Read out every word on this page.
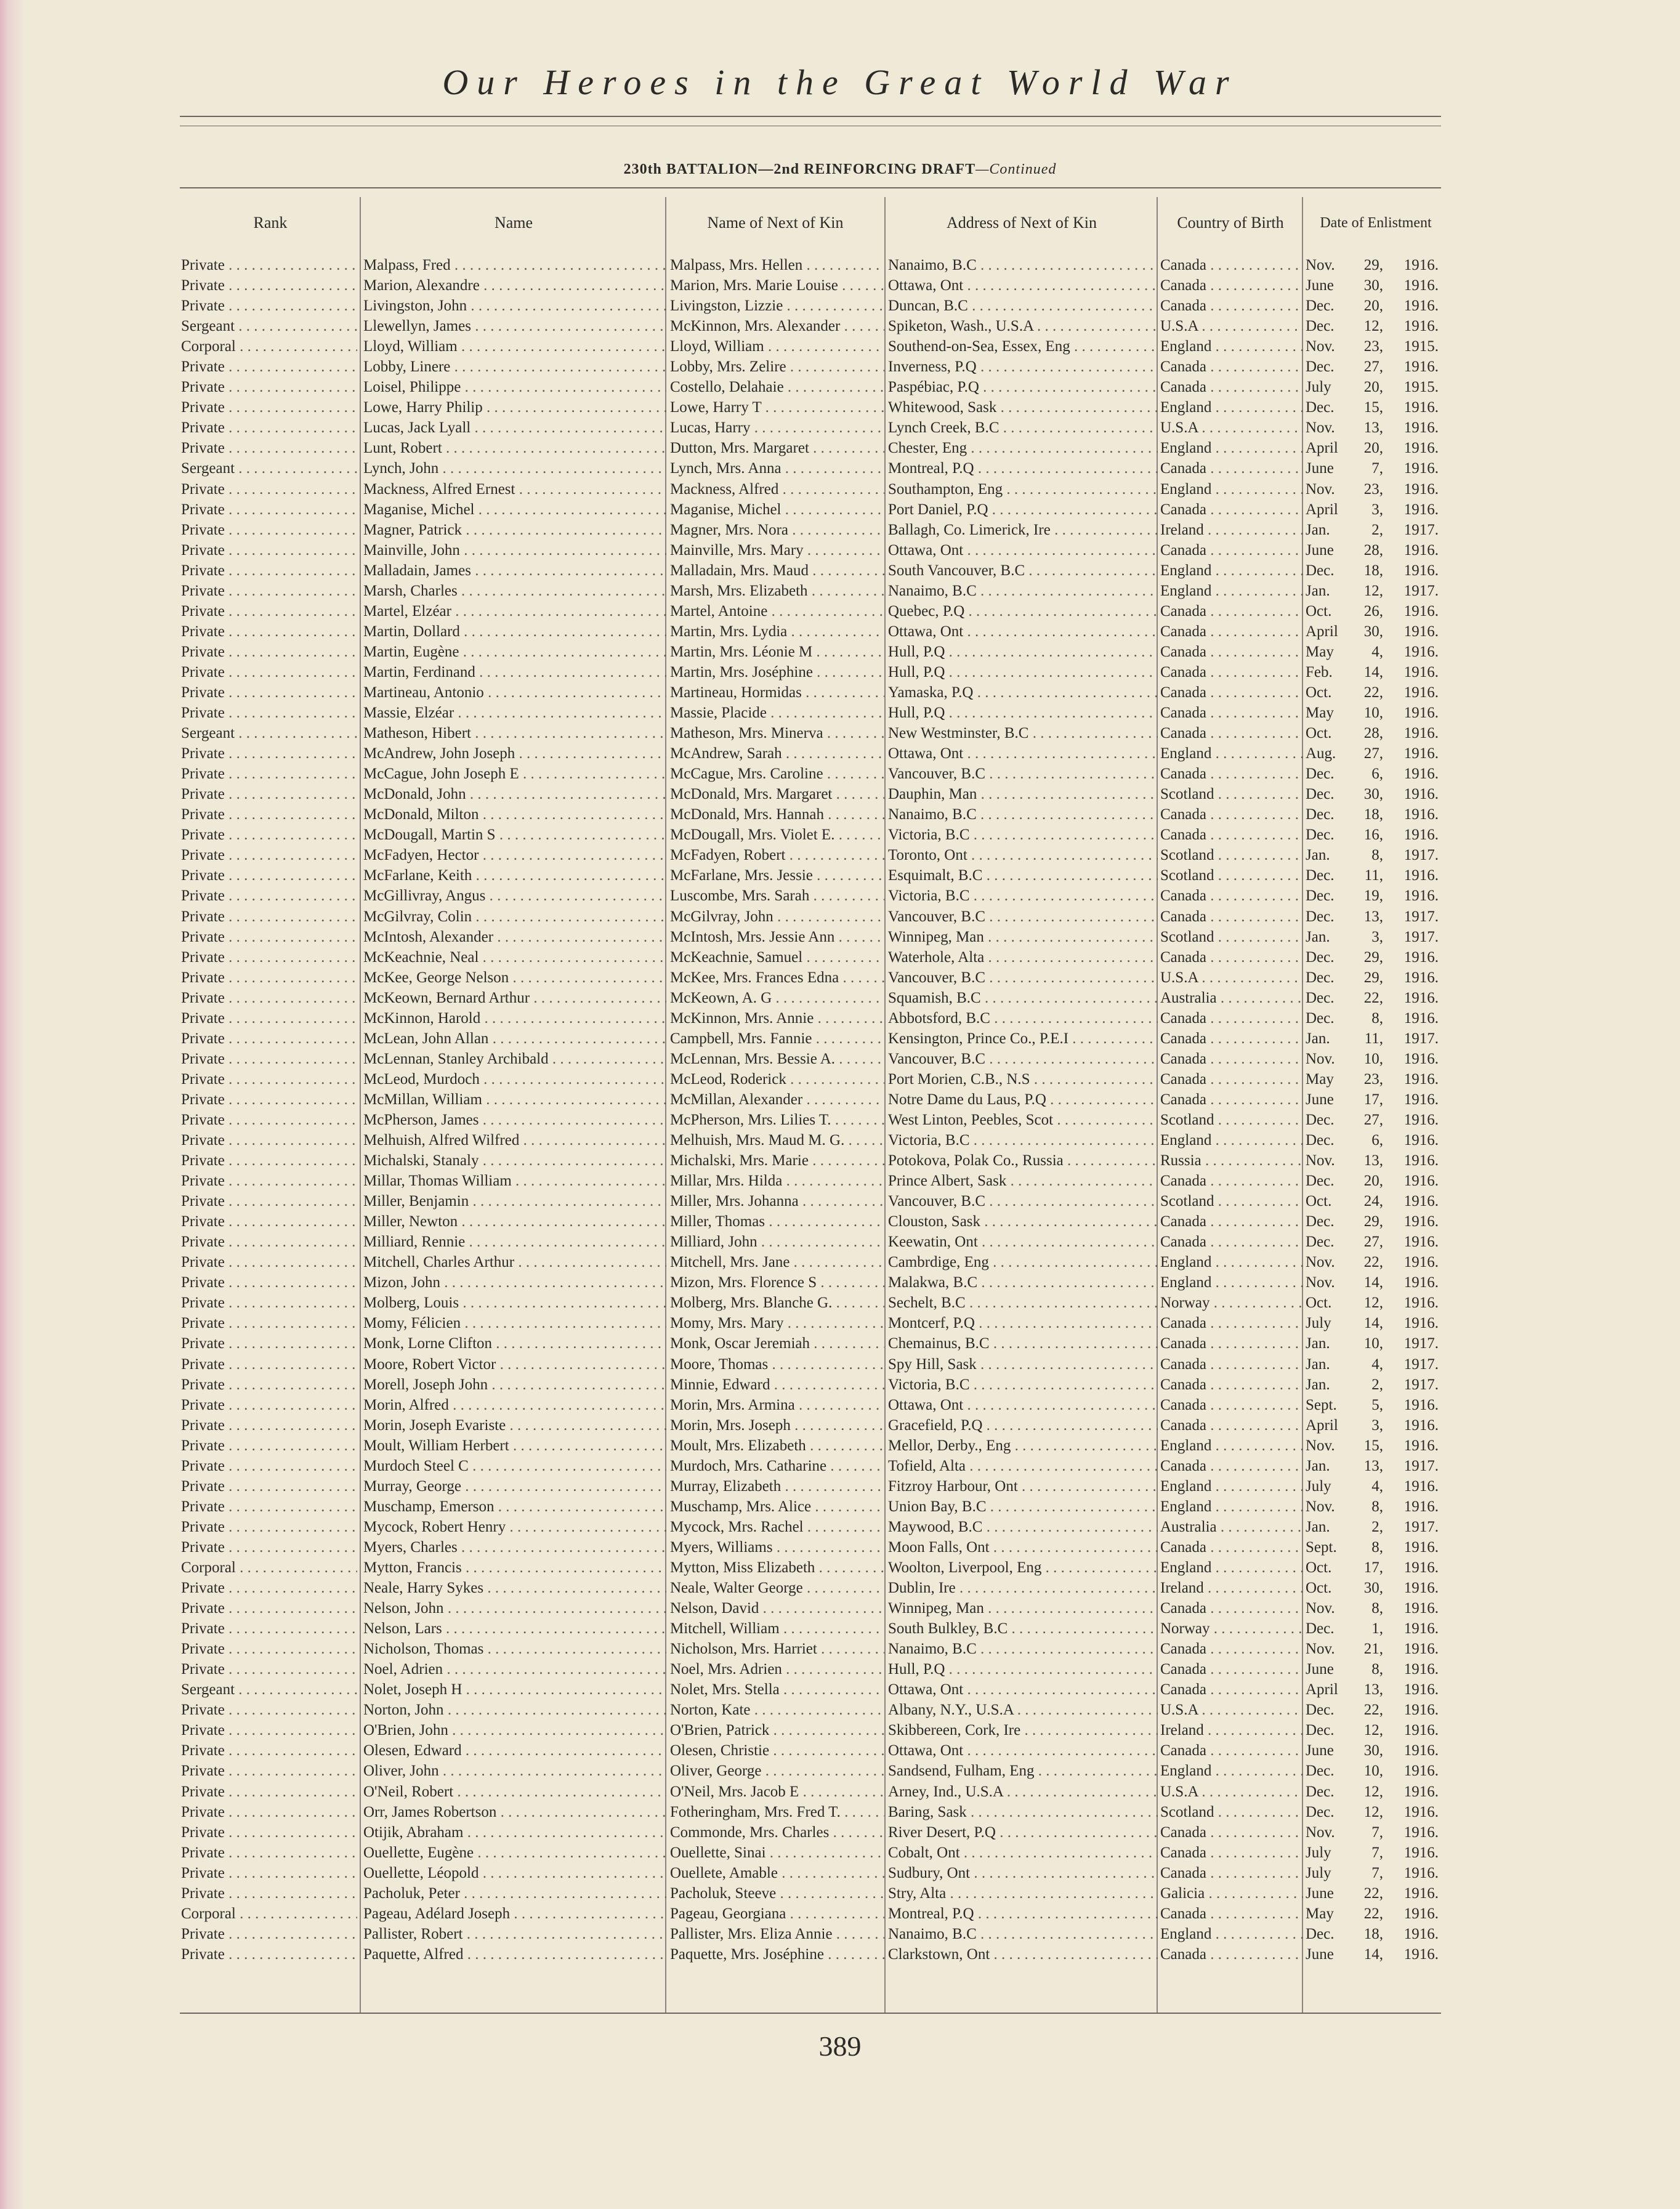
Our Heroes in the Great World War
230th BATTALION—2nd REINFORCING DRAFT—Continued
Rank	Name	Name of Next of Kin	Address of Next of Kin	Country of Birth	Date of Enlistment
Private . . .	Malpass, Fred . . .	Malpass, Mrs. Hellen . . .	Nanaimo, B.C . . .	Canada . . .	Nov. 29, 1916.
Private . . .	Marion, Alexandre . . .	Marion, Mrs. Marie Louise . . .	Ottawa, Ont . . .	Canada . . .	June 30, 1916.
Private . . .	Livingston, John . . .	Livingston, Lizzie . . .	Duncan, B.C . . .	Canada . . .	Dec. 20, 1916.
Sergeant . . .	Llewellyn, James . . .	McKinnon, Mrs. Alexander . . .	Spiketon, Wash., U.S.A . . .	U.S.A . . .	Dec. 12, 1916.
Corporal . . .	Lloyd, William . . .	Lloyd, William . . .	Southend-on-Sea, Essex, Eng . . .	England . . .	Nov. 23, 1915.
Private . . .	Lobby, Linere . . .	Lobby, Mrs. Zelire . . .	Inverness, P.Q . . .	Canada . . .	Dec. 27, 1916.
Private . . .	Loisel, Philippe . . .	Costello, Delahaie . . .	Paspébiac, P.Q . . .	Canada . . .	July 20, 1915.
Private . . .	Lowe, Harry Philip . . .	Lowe, Harry T . . .	Whitewood, Sask . . .	England . . .	Dec. 15, 1916.
Private . . .	Lucas, Jack Lyall . . .	Lucas, Harry . . .	Lynch Creek, B.C . . .	U.S.A . . .	Nov. 13, 1916.
Private . . .	Lunt, Robert . . .	Dutton, Mrs. Margaret . . .	Chester, Eng . . .	England . . .	April 20, 1916.
Sergeant . . .	Lynch, John . . .	Lynch, Mrs. Anna . . .	Montreal, P.Q . . .	Canada . . .	June 7, 1916.
Private . . .	Mackness, Alfred Ernest . . .	Mackness, Alfred . . .	Southampton, Eng . . .	England . . .	Nov. 23, 1916.
Private . . .	Maganise, Michel . . .	Maganise, Michel . . .	Port Daniel, P.Q . . .	Canada . . .	April 3, 1916.
Private . . .	Magner, Patrick . . .	Magner, Mrs. Nora . . .	Ballagh, Co. Limerick, Ire . . .	Ireland . . .	Jan.	2, 1917.
Private . . .	Mainville, John . . .	Mainville, Mrs. Mary . . .	Ottawa, Ont . . .	Canada . . .	June 28, 1916.
Private . . .	Malladain, James . . .	Malladain, Mrs. Maud . . .	South Vancouver, B.C . . .	England . . .	Dec. 18, 1916.
Private . . .	Marsh, Charles . . .	Marsh, Mrs. Elizabeth . . .	Nanaimo, B.C . . .	England . . .	Jan. 12, 1917.
Private . . .	Martel, Elzéar . . .	Martel, Antoine . . .	Quebec, P.Q . . .	Canada . . .	Oct. 26, 1916.
Private . . .	Martin, Dollard . . .	Martin, Mrs. Lydia . . .	Ottawa, Ont . . .	Canada . . .	April 30, 1916.
Private . . .	Martin, Eugène . . .	Martin, Mrs. Léonie M . . .	Hull, P.Q . . .	Canada . . .	May 4, 1916.
Private . . .	Martin, Ferdinand . . .	Martin, Mrs. Joséphine . . .	Hull, P.Q . . .	Canada . . .	Feb. 14, 1916.
Private . . .	Martineau, Antonio . . .	Martineau, Hormidas . . .	Yamaska, P.Q . . .	Canada . . .	Oct. 22, 1916.
Private . . .	Massie, Elzéar . . .	Massie, Placide . . .	Hull, P.Q . . .	Canada . . .	May 10, 1916.
Sergeant . . .	Matheson, Hibert . . .	Matheson, Mrs. Minerva . . .	New Westminster, B.C . . .	Canada . . .	Oct. 28, 1916.
Private . . .	McAndrew, John Joseph . . .	McAndrew, Sarah . . .	Ottawa, Ont . . .	England . . .	Aug. 27, 1916.
Private . . .	McCague, John Joseph E . . .	McCague, Mrs. Caroline . . .	Vancouver, B.C . . .	Canada . . .	Dec. 6, 1916.
Private . . .	McDonald, John . . .	McDonald, Mrs. Margaret . . .	Dauphin, Man . . .	Scotland . . .	Dec. 30, 1916.
Private . . .	McDonald, Milton . . .	McDonald, Mrs. Hannah . . .	Nanaimo, B.C . . .	Canada . . .	Dec. 18, 1916.
Private . . .	McDougall, Martin S . . .	McDougall, Mrs. Violet E. . . .	Victoria, B.C . . .	Canada . . .	Dec. 16, 1916.
Private . . .	McFadyen, Hector . . .	McFadyen, Robert . . .	Toronto, Ont . . .	Scotland . . .	Jan.	8, 1917.
Private . . .	McFarlane, Keith . . .	McFarlane, Mrs. Jessie . . .	Esquimalt, B.C . . .	Scotland . . .	Dec. 11, 1916.
Private . . .	McGillivray, Angus . . .	Luscombe, Mrs. Sarah . . .	Victoria, B.C . . .	Canada . . .	Dec. 19, 1916.
Private . . .	McGilvray, Colin . . .	McGilvray, John . . .	Vancouver, B.C . . .	Canada . . .	Dec. 13, 1917.
Private . . .	McIntosh, Alexander . . .	McIntosh, Mrs. Jessie Ann . . .	Winnipeg, Man . . .	Scotland . . .	Jan.	3, 1917.
Private . . .	McKeachnie, Neal . . .	McKeachnie, Samuel . . .	Waterhole, Alta . . .	Canada . . .	Dec. 29, 1916.
Private . . .	McKee, George Nelson . . .	McKee, Mrs. Frances Edna . . .	Vancouver, B.C . . .	U.S.A . . .	Dec. 29, 1916.
Private . . .	McKeown, Bernard Arthur . . .	McKeown, A. G . . .	Squamish, B.C . . .	Australia . . .	Dec. 22, 1916.
Private . . .	McKinnon, Harold . . .	McKinnon, Mrs. Annie . . .	Abbotsford, B.C . . .	Canada . . .	Dec. 8, 1916.
Private . . .	McLean, John Allan . . .	Campbell, Mrs. Fannie . . .	Kensington, Prince Co., P.E.I . . .	Canada . . .	Jan. 11, 1917.
Private . . .	McLennan, Stanley Archibald . . .	McLennan, Mrs. Bessie A. . . .	Vancouver, B.C . . .	Canada . . .	Nov. 10, 1916.
Private . . .	McLeod, Murdoch . . .	McLeod, Roderick . . .	Port Morien, C.B., N.S . . .	Canada . . .	May 23, 1916.
Private . . .	McMillan, William . . .	McMillan, Alexander . . .	Notre Dame du Laus, P.Q . . .	Canada . . .	June 17, 1916.
Private . . .	McPherson, James . . .	McPherson, Mrs. Lilies T. . . .	West Linton, Peebles, Scot . . .	Scotland . . .	Dec. 27, 1916.
Private . . .	Melhuish, Alfred Wilfred . . .	Melhuish, Mrs. Maud M. G. . . .	Victoria, B.C . . .	England . . .	Dec. 6, 1916.
Private . . .	Michalski, Stanaly . . .	Michalski, Mrs. Marie . . .	Potokova, Polak Co., Russia . . .	Russia . . .	Nov. 13, 1916.
Private . . .	Millar, Thomas William . . .	Millar, Mrs. Hilda . . .	Prince Albert, Sask . . .	Canada . . .	Dec. 20, 1916.
Private . . .	Miller, Benjamin . . .	Miller, Mrs. Johanna . . .	Vancouver, B.C . . .	Scotland . . .	Oct. 24, 1916.
Private . . .	Miller, Newton . . .	Miller, Thomas . . .	Clouston, Sask . . .	Canada . . .	Dec. 29, 1916.
Private . . .	Milliard, Rennie . . .	Milliard, John . . .	Keewatin, Ont . . .	Canada . . .	Dec. 27, 1916.
Private . . .	Mitchell, Charles Arthur . . .	Mitchell, Mrs. Jane . . .	Cambrdige, Eng . . .	England . . .	Nov. 22, 1916.
Private . . .	Mizon, John . . .	Mizon, Mrs. Florence S . . .	Malakwa, B.C . . .	England . . .	Nov. 14, 1916.
Private . . .	Molberg, Louis . . .	Molberg, Mrs. Blanche G. . . .	Sechelt, B.C . . .	Norway . . .	Oct. 12, 1916.
Private . . .	Momy, Félicien . . .	Momy, Mrs. Mary . . .	Montcerf, P.Q . . .	Canada . . .	July 14, 1916.
Private . . .	Monk, Lorne Clifton . . .	Monk, Oscar Jeremiah . . .	Chemainus, B.C . . .	Canada . . .	Jan. 10, 1917.
Private . . .	Moore, Robert Victor . . .	Moore, Thomas . . .	Spy Hill, Sask . . .	Canada . . .	Jan.	4, 1917.
Private . . .	Morell, Joseph John . . .	Minnie, Edward . . .	Victoria, B.C . . .	Canada . . .	Jan.	2, 1917.
Private . . .	Morin, Alfred . . .	Morin, Mrs. Armina . . .	Ottawa, Ont . . .	Canada . . .	Sept. 5, 1916.
Private . . .	Morin, Joseph Evariste . . .	Morin, Mrs. Joseph . . .	Gracefield, P.Q . . .	Canada . . .	April 3, 1916.
Private . . .	Moult, William Herbert . . .	Moult, Mrs. Elizabeth . . .	Mellor, Derby., Eng . . .	England . . .	Nov. 15, 1916.
Private . . .	Murdoch Steel C . . .	Murdoch, Mrs. Catharine . . .	Tofield, Alta . . .	Canada . . .	Jan. 13, 1917.
Private . . .	Murray, George . . .	Murray, Elizabeth . . .	Fitzroy Harbour, Ont . . .	England . . .	July	4, 1916.
Private . . .	Muschamp, Emerson . . .	Muschamp, Mrs. Alice . . .	Union Bay, B.C . . .	England . . .	Nov. 8, 1916.
Private . . .	Mycock, Robert Henry . . .	Mycock, Mrs. Rachel . . .	Maywood, B.C . . .	Australia . . .	Jan.	2, 1917.
Private . . .	Myers, Charles . . .	Myers, Williams . . .	Moon Falls, Ont . . .	Canada . . .	Sept. 8, 1916.
Corporal . . .	Mytton, Francis . . .	Mytton, Miss Elizabeth . . .	Woolton, Liverpool, Eng . . .	England . . .	Oct. 17, 1916.
Private . . .	Neale, Harry Sykes . . .	Neale, Walter George . . .	Dublin, Ire . . .	Ireland . . .	Oct. 30, 1916.
Private . . .	Nelson, John . . .	Nelson, David . . .	Winnipeg, Man . . .	Canada . . .	Nov. 8, 1916.
Private . . .	Nelson, Lars . . .	Mitchell, William . . .	South Bulkley, B.C . . .	Norway . . .	Dec. 1, 1916.
Private . . .	Nicholson, Thomas . . .	Nicholson, Mrs. Harriet . . .	Nanaimo, B.C . . .	Canada . . .	Nov. 21, 1916.
Private . . .	Noel, Adrien . . .	Noel, Mrs. Adrien . . .	Hull, P.Q . . .	Canada . . .	June 8, 1916.
Sergeant . . .	Nolet, Joseph H . . .	Nolet, Mrs. Stella . . .	Ottawa, Ont . . .	Canada . . .	April 13, 1916.
Private . . .	Norton, John . . .	Norton, Kate . . .	Albany, N.Y., U.S.A . . .	U.S.A . . .	Dec. 22, 1916.
Private . . .	O'Brien, John . . .	O'Brien, Patrick . . .	Skibbereen, Cork, Ire . . .	Ireland . . .	Dec. 12, 1916.
Private . . .	Olesen, Edward . . .	Olesen, Christie . . .	Ottawa, Ont . . .	Canada . . .	June 30, 1916.
Private . . .	Oliver, John . . .	Oliver, George . . .	Sandsend, Fulham, Eng . . .	England . . .	Dec. 10, 1916.
Private . . .	O'Neil, Robert . . .	O'Neil, Mrs. Jacob E . . .	Arney, Ind., U.S.A . . .	U.S.A . . .	Dec. 12, 1916.
Private . . .	Orr, James Robertson . . .	Fotheringham, Mrs. Fred T. . . .	Baring, Sask . . .	Scotland . . .	Dec. 12, 1916.
Private . . .	Otijik, Abraham . . .	Commonde, Mrs. Charles . . .	River Desert, P.Q . . .	Canada . . .	Nov. 7, 1916.
Private . . .	Ouellette, Eugène . . .	Ouellette, Sinai . . .	Cobalt, Ont . . .	Canada . . .	July	7, 1916.
Private . . .	Ouellette, Léopold . . .	Ouellete, Amable . . .	Sudbury, Ont . . .	Canada . . .	July	7, 1916.
Private . . .	Pacholuk, Peter . . .	Pacholuk, Steeve . . .	Stry, Alta . . .	Galicia . . .	June 22, 1916.
Corporal . . .	Pageau, Adélard Joseph . . .	Pageau, Georgiana . . .	Montreal, P.Q . . .	Canada . . .	May 22, 1916.
Private . . .	Pallister, Robert . . .	Pallister, Mrs. Eliza Annie . . .	Nanaimo, B.C . . .	England . . .	Dec. 18, 1916.
Private . . .	Paquette, Alfred . . .	Paquette, Mrs. Joséphine . . .	Clarkstown, Ont . . .	Canada . . .	June 14, 1916.
389
